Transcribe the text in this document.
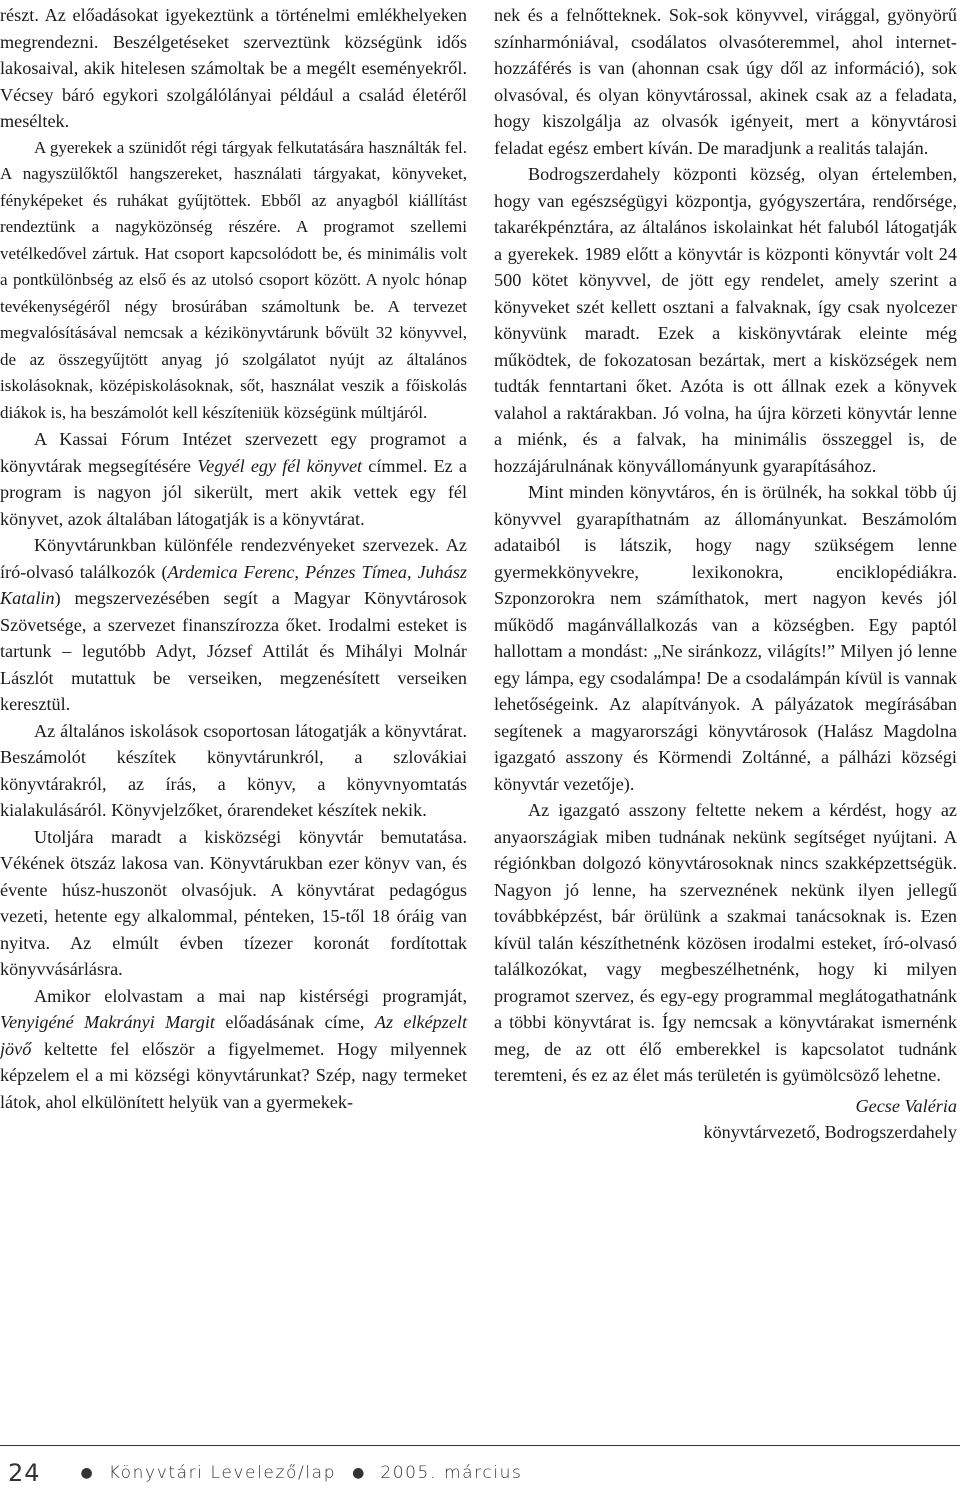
részt. Az előadásokat igyekeztünk a történelmi emlékhelyeken megrendezni. Beszélgetéseket szerveztünk községünk idős lakosaival, akik hitelesen számoltak be a megélt eseményekről. Vécsey báró egykori szolgálólányai például a család életéről meséltek.

A gyerekek a szünidőt régi tárgyak felkutatására használták fel. A nagyszülőktől hangszereket, használati tárgyakat, könyveket, fényképeket és ruhákat gyűjtöttek. Ebből az anyagból kiállítást rendeztünk a nagyközönség részére. A programot szellemi vetélkedővel zártuk. Hat csoport kapcsolódott be, és minimális volt a pontkülönbség az első és az utolsó csoport között. A nyolc hónap tevékenységéről négy brosúrában számoltunk be. A tervezet megvalósításával nemcsak a kézikönyvtárunk bővült 32 könyvvel, de az összegyűjtött anyag jó szolgálatot nyújt az általános iskolásoknak, középiskolásoknak, sőt, használat veszik a főiskolás diákok is, ha beszámolót kell készíteniük községünk múltjáról.

A Kassai Fórum Intézet szervezett egy programot a könyvtárak megsegítésére Vegyél egy fél könyvet címmel. Ez a program is nagyon jól sikerült, mert akik vettek egy fél könyvet, azok általában látogatják is a könyvtárat.

Könyvtárunkban különféle rendezvényeket szervezek. Az író-olvasó találkozók (Ardemica Ferenc, Pénzes Tímea, Juhász Katalin) megszervezésében segít a Magyar Könyvtárosok Szövetsége, a szervezet finanszírozza őket. Irodalmi esteket is tartunk – legutóbb Adyt, József Attilát és Mihályi Molnár Lászlót mutattuk be verseiken, megzenésített verseiken keresztül.

Az általános iskolások csoportosan látogatják a könyvtárat. Beszámolót készítek könyvtárunkról, a szlovákiai könyvtárakról, az írás, a könyv, a könyvnyomtatás kialakulásáról. Könyvjelzőket, órarendeket készítek nekik.

Utoljára maradt a kisközségi könyvtár bemutatása. Vékének ötszáz lakosa van. Könyvtárukban ezer könyv van, és évente húsz-huszonöt olvasójuk. A könyvtárat pedagógus vezeti, hetente egy alkalommal, pénteken, 15-től 18 óráig van nyitva. Az elmúlt évben tízezer koronát fordítottak könyvvásárlásra.

Amikor elolvastam a mai nap kistérségi programját, Venyigéné Makrányi Margit előadásának címe, Az elképzelt jövő keltette fel először a figyelmemet. Hogy milyennek képzelem el a mi községi könyvtárunkat? Szép, nagy termeket látok, ahol elkülönített helyük van a gyermekek-

nek és a felnőtteknek. Sok-sok könyvvel, virággal, gyönyörű színharmóniával, csodálatos olvasóteremmel, ahol internet-hozzáférés is van (ahonnan csak úgy dől az információ), sok olvasóval, és olyan könyvtárossal, akinek csak az a feladata, hogy kiszolgálja az olvasók igényeit, mert a könyvtárosi feladat egész embert kíván. De maradjunk a realitás talaján.

Bodrogszerdahely központi község, olyan értelemben, hogy van egészségügyi központja, gyógyszertára, rendőrsége, takarékpénztára, az általános iskolainkat hét faluból látogatják a gyerekek. 1989 előtt a könyvtár is központi könyvtár volt 24 500 kötet könyvvel, de jött egy rendelet, amely szerint a könyveket szét kellett osztani a falvaknak, így csak nyolcezer könyvünk maradt. Ezek a kiskönyvtárak eleinte még működtek, de fokozatosan bezártak, mert a kisközségek nem tudták fenntartani őket. Azóta is ott állnak ezek a könyvek valahol a raktárakban. Jó volna, ha újra körzeti könyvtár lenne a miénk, és a falvak, ha minimális összeggel is, de hozzájárulnának könyvállományunk gyarapításához.

Mint minden könyvtáros, én is örülnék, ha sokkal több új könyvvel gyarapíthatnám az állományunkat. Beszámolóm adataiból is látszik, hogy nagy szükségem lenne gyermekkönyvekre, lexikonokra, enciklopédiákra. Szponzorokra nem számíthatok, mert nagyon kevés jól működő magánvállalkozás van a községben. Egy paptól hallottam a mondást: „Ne siránkozz, világíts!” Milyen jó lenne egy lámpa, egy csodalámpa! De a csodalámpán kívül is vannak lehetőségeink. Az alapítványok. A pályázatok megírásában segítenek a magyarországi könyvtárosok (Halász Magdolna igazgató asszony és Körmendi Zoltánné, a pálházi községi könyvtár vezetője).

Az igazgató asszony feltette nekem a kérdést, hogy az anyaországiak miben tudnának nekünk segítséget nyújtani. A régiónkban dolgozó könyvtárosoknak nincs szakképzettségük. Nagyon jó lenne, ha szerveznének nekünk ilyen jellegű továbbképzést, bár örülünk a szakmai tanácsoknak is. Ezen kívül talán készíthetnénk közösen irodalmi esteket, író-olvasó találkozókat, vagy megbeszélhetnénk, hogy ki milyen programot szervez, és egy-egy programmal meglátogathatnánk a többi könyvtárat is. Így nemcsak a könyvtárakat ismernénk meg, de az ott élő emberekkel is kapcsolatot tudnánk teremteni, és ez az élet más területén is gyümölcsöző lehetne.

Gecse Valéria

könyvtárvezető, Bodrogszerdahely

24	● Könyvtári Levelező/lap ● 2005. március
